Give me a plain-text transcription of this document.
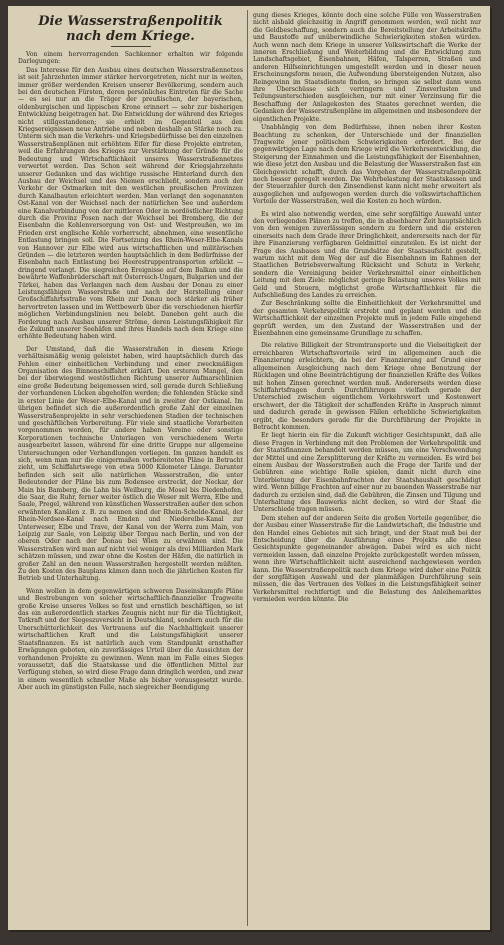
Die Wasserstraßenpolitik
nach dem Kriege.

Von einem hervorragenden Sachkenner erhalten wir folgende Darlegungen:

Das Interesse für den Ausbau eines deutschen Wasserstraßennetzes ist seit Jahrzehnten immer stärker hervorgetreten, nicht nur in weiten, immer größer werdenden Kreisen unserer Bevölkerung, sondern auch bei den deutschen Fürsten, deren persönliches Eintreten für die Sache — es sei nur an die Träger der preußischen, der bayerischen, oldenburgischen und lippischen Krone erinnert — sehr zur bisherigen Entwicklung beigetragen hat. Die Entwicklung der während des Krieges nicht stillgestandenen; sie erhielt im Gegenteil aus den Kriegsereignissen neue Antriebe und neben deshalb an Stärke noch zu. Unterm sich man die Verkehrs- und Kriegsbedürfnisse bei den einzelnen Wasserstraßenplänen mit erhöhtem Eifer für diese Projekte eintreten, weil die Erfahrungen des Krieges zur Verstärkung der Gründe für die Bedeutung und Wirtschaftlichkeit unseres Wasserstraßennetzes verwertet werden. Das Schon seit während der Kriegsjahrzehnte unserer Gedanken und das wichtige russische Hinterland durch den Ausbau der Weichsel und des Niemen erschließt, sondern auch der Verkehr der Ostmarken mit den westlichen preußischen Provinzen durch Kanalbauten erleichtert werden. Man verlangt den sogenannten Ost-Kanal von der Weichsel nach der natürlichen See und außerdem eine Kanalverbindung von der mittleren Oder in nordöstlicher Richtung durch die Provinz Posen nach der Weichsel bei Bromberg, die der Eisenbahn die Kohlenversorgung von Ost- und Westpreußen, wo im Frieden erst englische Kohle vorherrscht, abnehmen, eine wesentliche Entlastung bringen soll. Die Fortsetzung des Rhein-Weser-Elbe-Kanals von Hannover zur Elbe wird aus wirtschaftlichen und militärischen Gründen — die letzteren werden hauptsächlich in dem Bedürfnisse der Eisenbahn nach Entlastung bei Heerestruppentransporten erblickt — dringend verlangt. Die siegreichen Ereignisse auf dem Balkan und die bewährte Waffenbrüderschaft mit Österreich-Ungarn, Bulgarien und der Türkei, haben das Verlangen nach dem Ausbau der Donau zu einer Leistungsfähigen Wasserstraße und nach der Herstellung einer Großschiffahrtsstraße vom Rhein zur Donau noch stärker als früher hervortreten lassen und im Wettbewerb über die verschiedenen hierfür möglichen Verbindungslinien neu belebt. Daneben geht auch die Forderung nach Ausbau unserer Ströme, deren Leistungsfähigkeit für die Zukunft unserer Seehäfen und ihres Handels nach dem Kriege eine erhöhte Bedeutung haben wird.

Der Umstand, daß die Wasserstraßen in diesem Kriege verhältnismäßig wenig geleistet haben, wird hauptsächlich durch das Fehlen einer einheitlichen Verbindung und einer zweckmäßigen Organisation des Binnenschiffahrt erklärt. Den ersteren Mangel, den bei der überwiegend westöstlichen Richtung unserer Aufmarschlinien eine große Bedeutung beigemessen wird, soll gerade durch Schließung der vorhandenen Lücken abgeholfen werden; die fehlenden Stücke sind in erster Linie der Weser–Elbe-Kanal und in zweiter der Ostkanal. Im übrigen befindet sich die außerordentlich große Zahl der einzelnen Wasserstraßenprojekte in sehr verschiedenen Stadien der technischen und geschäftlichen Vorbereitung. Für viele sind staatliche Vorarbeiten vorgenommen worden, für andere haben Vereine oder sonstige Korporationen technische Unterlagen von verschiedenem Werte ausgearbeitet lassen, während für eine dritte Gruppe nur allgemeine Untersuchungen oder Verhandlungen vorliegen. Im ganzen handelt es sich, wenn man nur die einigermaßen vorbereiteten Pläne in Betracht zieht, um Schiffahrtswege von etwa 5000 Kilometer Länge. Darunter befinden sich seit alle natürlichen Wasserstraßen, die unter Bedeutender der Pläne bis zum Bodensee erstreckt, der Neckar, der Main bis Bamberg, die Lahn bis Weilburg, die Mosel bis Diedenhofen, die Saar, die Ruhr, ferner weiter östlich die Weser mit Werra, Elbe und Saale, Pregel, während von künstlichen Wasserstraßen außer den schon erwähnten Kanälen z. B. zu nennen sind der Rhein-Schelde-Kanal, der Rhein-Nordsee-Kanal nach Emden und Niederelbe-Kanal zur Unterweser, Elbe und Trave, der Kanal von der Werra zum Main, von Leipzig zur Saale, von Leipzig über Torgau nach Berlin, und von der oberen Oder nach der Donau bei Wien zu erwähnen sind. Die Wasserstraßen wird man auf nicht viel weniger als drei Milliarden Mark schätzen müssen, und zwar ohne die Kosten der Häfen, die natürlich in großer Zahl an den neuen Wasserstraßen hergestellt werden müßten. Zu den Kosten des Bauplans kämen dann noch die jährlichen Kosten für Betrieb und Unterhaltung.

Wenn wollen in dem gegenwärtigen schweren Daseinskampfe Pläne und Bestrebungen von solcher wirtschaftlich-finanzieller Tragweite große Kreise unseres Volkes so fest und ernstlich beschäftigen, so ist das ein außerordentlich starkes Zeugnis nicht nur für die Tüchtigkeit, Tatkraft und der Siegeszuversicht in Deutschland, sondern auch für die Unerschütterlichkeit des Vertrauens auf die Nachhaltigkeit unserer wirtschaftlichen Kraft und die Leistungsfähigkeit unserer Staatsfinanzen. Es ist natürlich auch vom Standpunkt ernsthafter Erwägungen geboten, ein zuverlässiges Urteil über die Aussichten der vorhandenen Projekte zu gewinnen. Wenn man im Falle eines Sieges voraussetzt, daß die Staatskasse und die öffentlichen Mittel zur Verfügung stehen, so wird diese Frage dann dringlich werden, und zwar in einem wesentlich schneller Maße als bisher vorausgesetzt wurde. Aber auch im günstigsten Falle, nach siegreicher Beendigung

gung dieses Krieges, könnte doch eine solche Fülle von Wasserstraßen nicht alsbald gleichzeitig in Angriff genommen werden, weil nicht nur die Geldbeschaffung, sondern auch die Bereitstellung der Arbeitskräfte und Baustoffe auf unüberwindliche Schwierigkeiten stoßen würden. Auch wenn nach dem Kriege in unserer Volkswirtschaft die Werke der inneren Erschließung und Weiterbildung und die Entwicklung zum Landschaftsgebiet, Eisenbahnen, Häfen, Talsperren, Straßen und anderen Hilfseinrichtungen umgestellt werden und in dieser neuen Erscheinungsform neuen, die Aufwendung übersteigenden Nutzen, also Reingewinn im Staatsdienste finden, so bringen sie selbst dann wenn ihre Überschüsse sich verringern und Zinsverlusten und Teilungsunterschieden ausgleichen, nur mit einer Verzinsung für die Beschaffung der Anlagekosten des Staates gerechnet werden, die Gedanken der Wasserstraßenpläne im allgemeinen und insbesondere der eigentlichen Projekte.

Unabhängig von dem Bedürfnisse, ihnen neben ihrer Kosten Beachtung zu schenken, der Unterschiede und der finanziellen Tragweite jener politischen Schwierigkeiten erfordert. Bei der gegenwärtigen Lage nach dem Kriege wird die Verkehrsentwicklung, die Steigerung der Einnahmen und die Leistungsfähigkeit der Eisenbahnen, wie diese jetzt den Ausbau und die Belastung der Wasserstraßen fast ein Gleichgewicht schafft, durch das Vorgehen der Wasserstraßenpolitik noch besser geregelt werden. Die Wehrbelastung der Staatskassen und der Steuerzahler durch den Zinsendienst kann nicht mehr erweitert als ausgeglichen und aufgewogen werden durch die volkswirtschaftlichen Vorteile der Wasserstraßen, weil die Kosten zu hoch würden.

Es wird also notwendig werden, eine sehr sorgfältige Auswahl unter den vorliegenden Plänen zu treffen, die in absehbarer Zeit hauptsächlich von den wenigen zuverlässigen sondern zu fordern und die ersteren einerseits nach dem Grade ihrer Dringlichkeit, andererseits nach der für ihre Finanzierung verfügbaren Geldmittel einzuteilen. Es ist nicht der Frage des Ausbaues und die Grundsätze der Staatsaufsicht gestellt, warum nicht mit dem Weg der auf die Eisenbahnen im Rahmen der Staatlichen Betriebsverwaltung Rücksicht und Schutz in Verkehr, sondern die Vereinigung beider Verkehrsmittel einer einheitlichen Leitung mit dem Ziele: möglichst geringe Belastung unseres Volkes mit Geld und Steuern, möglichst große Wirtschaftlichkeit für die Aufschließung des Landes zu erreichen.

Zur Beschränkung sollte die Einheitlichkeit der Verkehrsmittel und der gesamten Verkehrspolitik erstrebt und geplant werden und die Wirtschaftlichkeit der einzelnen Projekte muß in jedem Falle eingehend geprüft werden, um den Zustand der Wasserstraßen und der Eisenbahnen eine gemeinsame Grundlage zu schaffen.

Die relative Billigkeit der Stromtransporte und die Vielseitigkeit der erreichbaren Wirtschaftsvorteile wird im allgemeinen auch die Finanzierung erleichtern, da bei der Finanzierung auf Grund einer allgemeinen Ausgleichung nach dem Kriege ohne Benutzung der Rücklagen und ohne Beeinträchtigung der finanziellen Kräfte des Volkes mit hohen Zinsen gerechnet werden muß. Andererseits werden diese Schiffahrtsfragen durch Durchführungen vielfach gerade der Unterschied zwischen eigentlichem Verkehrswert und Kostenwert erschwert, der die Tätigkeit der schaffenden Kräfte in Anspruch nimmt und dadurch gerade in gewissen Fällen erhebliche Schwierigkeiten ergibt, die besonders gerade für die Durchführung der Projekte in Betracht kommen.

Er liegt hierin ein für die Zukunft wichtiger Gesichtspunkt, daß alle diese Fragen in Verbindung mit den Problemen der Verkehrspolitik und der Staatsfinanzen behandelt werden müssen, um eine Verschwendung der Mittel und eine Zersplitterung der Kräfte zu vermeiden. Es wird bei einem Ausbau der Wasserstraßen auch die Frage der Tarife und der Gebühren eine wichtige Rolle spielen, damit nicht durch eine Unterbietung der Eisenbahnfrachten der Staatshaushalt geschädigt wird. Wenn billige Frachten auf einer nur zu bauenden Wasserstraße nur dadurch zu erzielen sind, daß die Gebühren, die Zinsen und Tilgung und Unterhaltung des Bauwerks nicht decken, so wird der Staat die Unterschiede tragen müssen.

Dem stehen auf der anderen Seite die großen Vorteile gegenüber, die der Ausbau einer Wasserstraße für die Landwirtschaft, die Industrie und den Handel eines Gebietes mit sich bringt, und der Staat muß bei der Entscheidung über die Ausführung eines Projekts alle diese Gesichtspunkte gegeneinander abwägen. Dabei wird es sich nicht vermeiden lassen, daß einzelne Projekte zurückgestellt werden müssen, wenn ihre Wirtschaftlichkeit nicht ausreichend nachgewiesen werden kann. Die Wasserstraßenpolitik nach dem Kriege wird daher eine Politik der sorgfältigen Auswahl und der planmäßigen Durchführung sein müssen, die das Vertrauen des Volkes in die Leistungsfähigkeit seiner Verkehrsmittel rechtfertigt und die Belastung des Anleihemarktes vermieden werden könnte. Die
